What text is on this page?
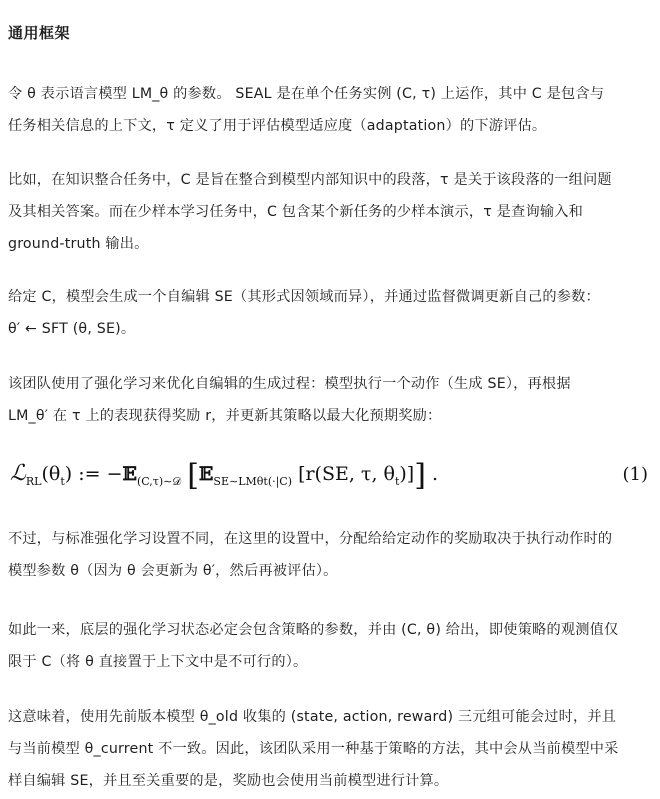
通用框架
令 θ 表示语言模型 LM_θ 的参数。 SEAL 是在单个任务实例 (C, τ) 上运作，其中 C 是包含与
任务相关信息的上下文，τ 定义了用于评估模型适应度（adaptation）的下游评估。
比如，在知识整合任务中，C 是旨在整合到模型内部知识中的段落，τ 是关于该段落的一组问题
及其相关答案。而在少样本学习任务中，C 包含某个新任务的少样本演示，τ 是查询输入和
ground-truth 输出。
给定 C，模型会生成一个自编辑 SE（其形式因领域而异），并通过监督微调更新自己的参数：
θ′ ← SFT (θ, SE)。
该团队使用了强化学习来优化自编辑的生成过程：模型执行一个动作（生成 SE），再根据
LM_θ′ 在 τ 上的表现获得奖励 r，并更新其策略以最大化预期奖励：
$ℒ_{RL}(\theta_t)$ := −𝔼$_{(C,\tau)\sim 𝒟}$ [𝔼$_{SE\sim LM\theta t(\cdot|C)}$ [r(SE, τ, $\theta_t$)]] .	(1)
不过，与标准强化学习设置不同，在这里的设置中，分配给给定动作的奖励取决于执行动作时的
模型参数 θ（因为 θ 会更新为 θ′，然后再被评估）。
如此一来，底层的强化学习状态必定会包含策略的参数，并由 (C, θ) 给出，即使策略的观测值仅
限于 C（将 θ 直接置于上下文中是不可行的）。
这意味着，使用先前版本模型 θ_old 收集的 (state, action, reward) 三元组可能会过时，并且
与当前模型 θ_current 不一致。因此，该团队采用一种基于策略的方法，其中会从当前模型中采
样自编辑 SE，并且至关重要的是，奖励也会使用当前模型进行计算。
